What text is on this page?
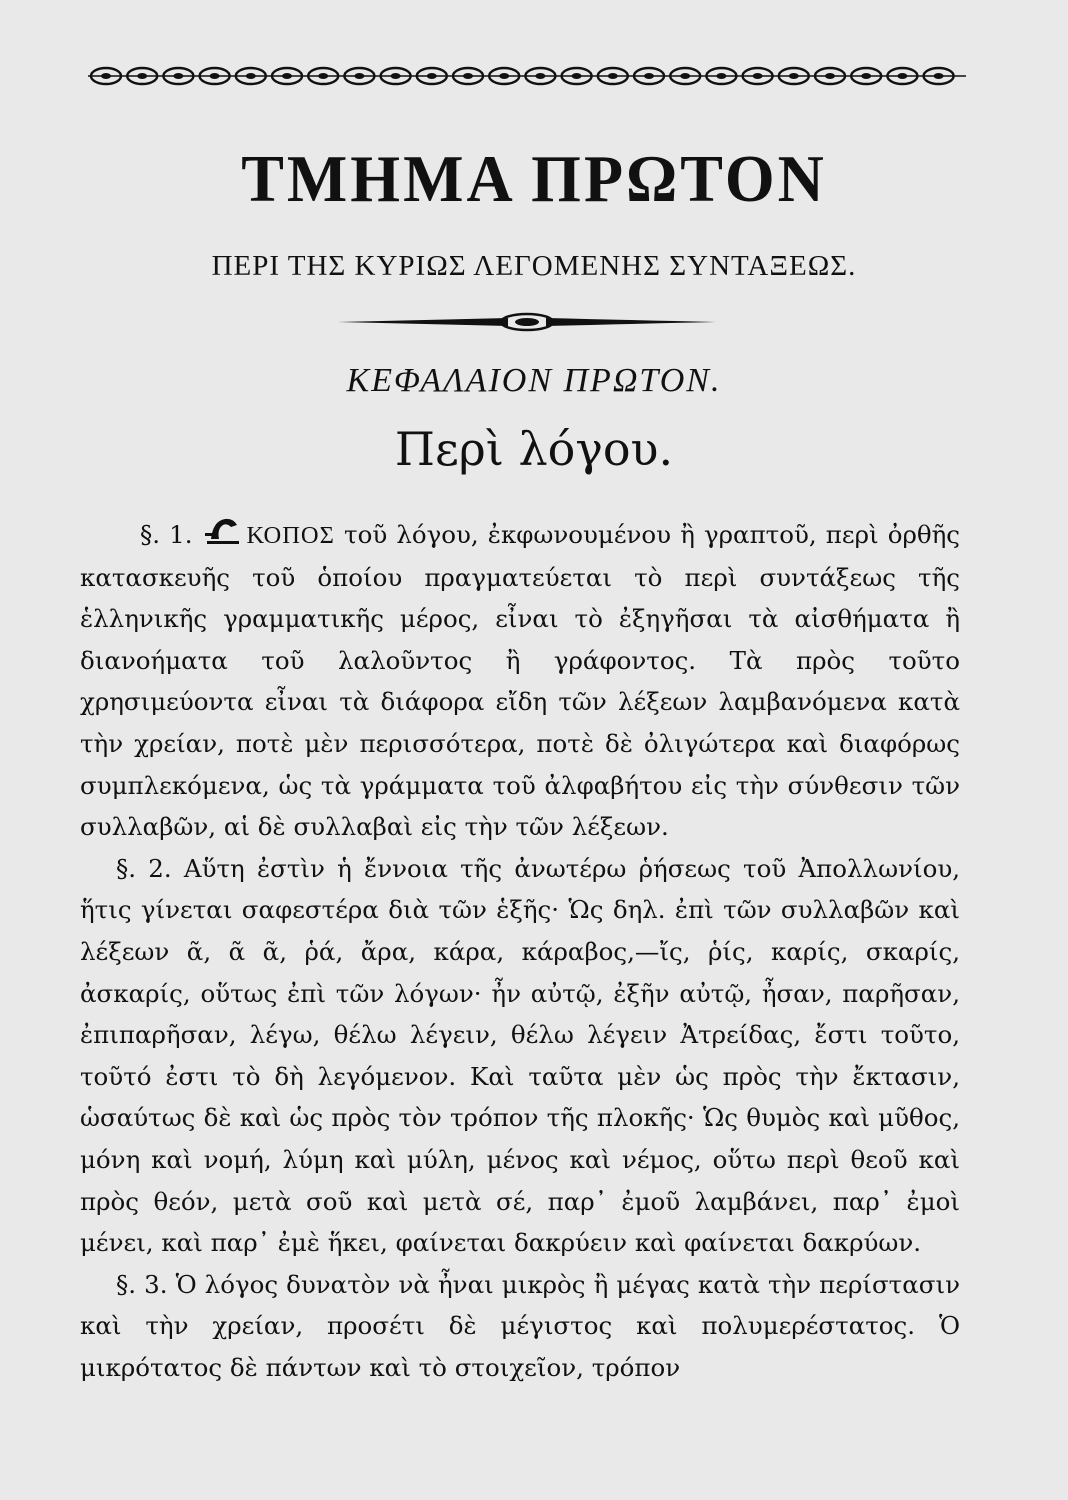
ΤΜΗΜΑ ΠΡΩΤΟΝ
ΠΕΡΙ ΤΗΣ ΚΥΡΙΩΣ ΛΕΓΟΜΕΝΗΣ ΣΥΝΤΑΞΕΩΣ.
ΚΕΦΑΛΑΙΟΝ ΠΡΩΤΟΝ.
Περὶ λόγου.

§. 1. ΚΟΠΟΣ τοῦ λόγου, ἐκφωνουμένου ἢ γραπτοῦ, περὶ ὀρθῆς κατασκευῆς τοῦ ὁποίου πραγματεύεται τὸ περὶ συντάξεως τῆς ἑλληνικῆς γραμματικῆς μέρος, εἶναι τὸ ἐξηγῆσαι τὰ αἰσθήματα ἢ διανοήματα τοῦ λαλοῦντος ἢ γράφοντος. Τὰ πρὸς τοῦτο χρησιμεύοντα εἶναι τὰ διάφορα εἴδη τῶν λέξεων λαμβανόμενα κατὰ τὴν χρείαν, ποτὲ μὲν περισσότερα, ποτὲ δὲ ὀλιγώτερα καὶ διαφόρως συμπλεκόμενα, ὡς τὰ γράμματα τοῦ ἀλφαβήτου εἰς τὴν σύνθεσιν τῶν συλλαβῶν, αἱ δὲ συλλαβαὶ εἰς τὴν τῶν λέξεων.

§. 2. Αὕτη ἐστὶν ἡ ἔννοια τῆς ἀνωτέρω ῥήσεως τοῦ Ἀπολλωνίου, ἥτις γίνεται σαφεστέρα διὰ τῶν ἑξῆς· Ὡς δηλ. ἐπὶ τῶν συλλαβῶν καὶ λέξεων ᾶ, ᾶ ᾶ, ῥά, ἄρα, κάρα, κάραβος,—ἴς, ῥίς, καρίς, σκαρίς, ἀσκαρίς, οὕτως ἐπὶ τῶν λόγων· ἦν αὐτῷ, ἐξῆν αὐτῷ, ἦσαν, παρῆσαν, ἐπιπαρῆσαν, λέγω, θέλω λέγειν, θέλω λέγειν Ἀτρείδας, ἔστι τοῦτο, τοῦτό ἐστι τὸ δὴ λεγόμενον. Καὶ ταῦτα μὲν ὡς πρὸς τὴν ἔκτασιν, ὡσαύτως δὲ καὶ ὡς πρὸς τὸν τρόπον τῆς πλοκῆς· Ὡς θυμὸς καὶ μῦθος, μόνη καὶ νομή, λύμη καὶ μύλη, μένος καὶ νέμος, οὕτω περὶ θεοῦ καὶ πρὸς θεόν, μετὰ σοῦ καὶ μετὰ σέ, παρ᾽ ἐμοῦ λαμβάνει, παρ᾽ ἐμοὶ μένει, καὶ παρ᾽ ἐμὲ ἥκει, φαίνεται δακρύειν καὶ φαίνεται δακρύων.

§. 3. Ὁ λόγος δυνατὸν νὰ ἦναι μικρὸς ἢ μέγας κατὰ τὴν περίστασιν καὶ τὴν χρείαν, προσέτι δὲ μέγιστος καὶ πολυμερέστατος. Ὁ μικρότατος δὲ πάντων καὶ τὸ στοιχεῖον, τρόπον
